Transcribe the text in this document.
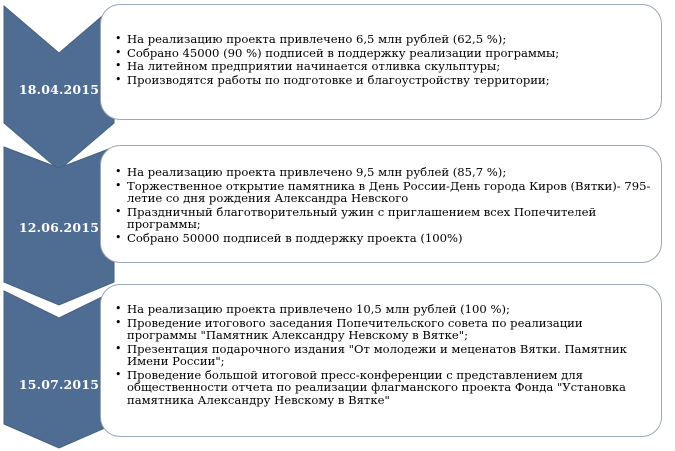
18.04.2015
• На реализацию проекта привлечено 6,5 млн рублей (62,5 %);
• Собрано 45000 (90 %) подписей в поддержку реализации программы;
• На литейном предприятии начинается отливка скульптуры;
• Производятся работы по подготовке и благоустройству территории;
12.06.2015
• На реализацию проекта привлечено 9,5 млн рублей (85,7 %);
• Торжественное открытие памятника в День России-День города Киров (Вятки)- 795-летие со дня рождения Александра Невского
• Праздничный благотворительный ужин с приглашением всех Попечителей программы;
• Собрано 50000 подписей в поддержку проекта (100%)
15.07.2015
• На реализацию проекта привлечено 10,5 млн рублей (100 %);
• Проведение итогового заседания Попечительского совета по реализации программы "Памятник Александру Невскому в Вятке";
• Презентация подарочного издания "От молодежи и меценатов Вятки. Памятник Имени России";
• Проведение большой итоговой пресс-конференции с представлением для общественности отчета по реализации флагманского проекта Фонда "Установка памятника Александру Невскому в Вятке"
